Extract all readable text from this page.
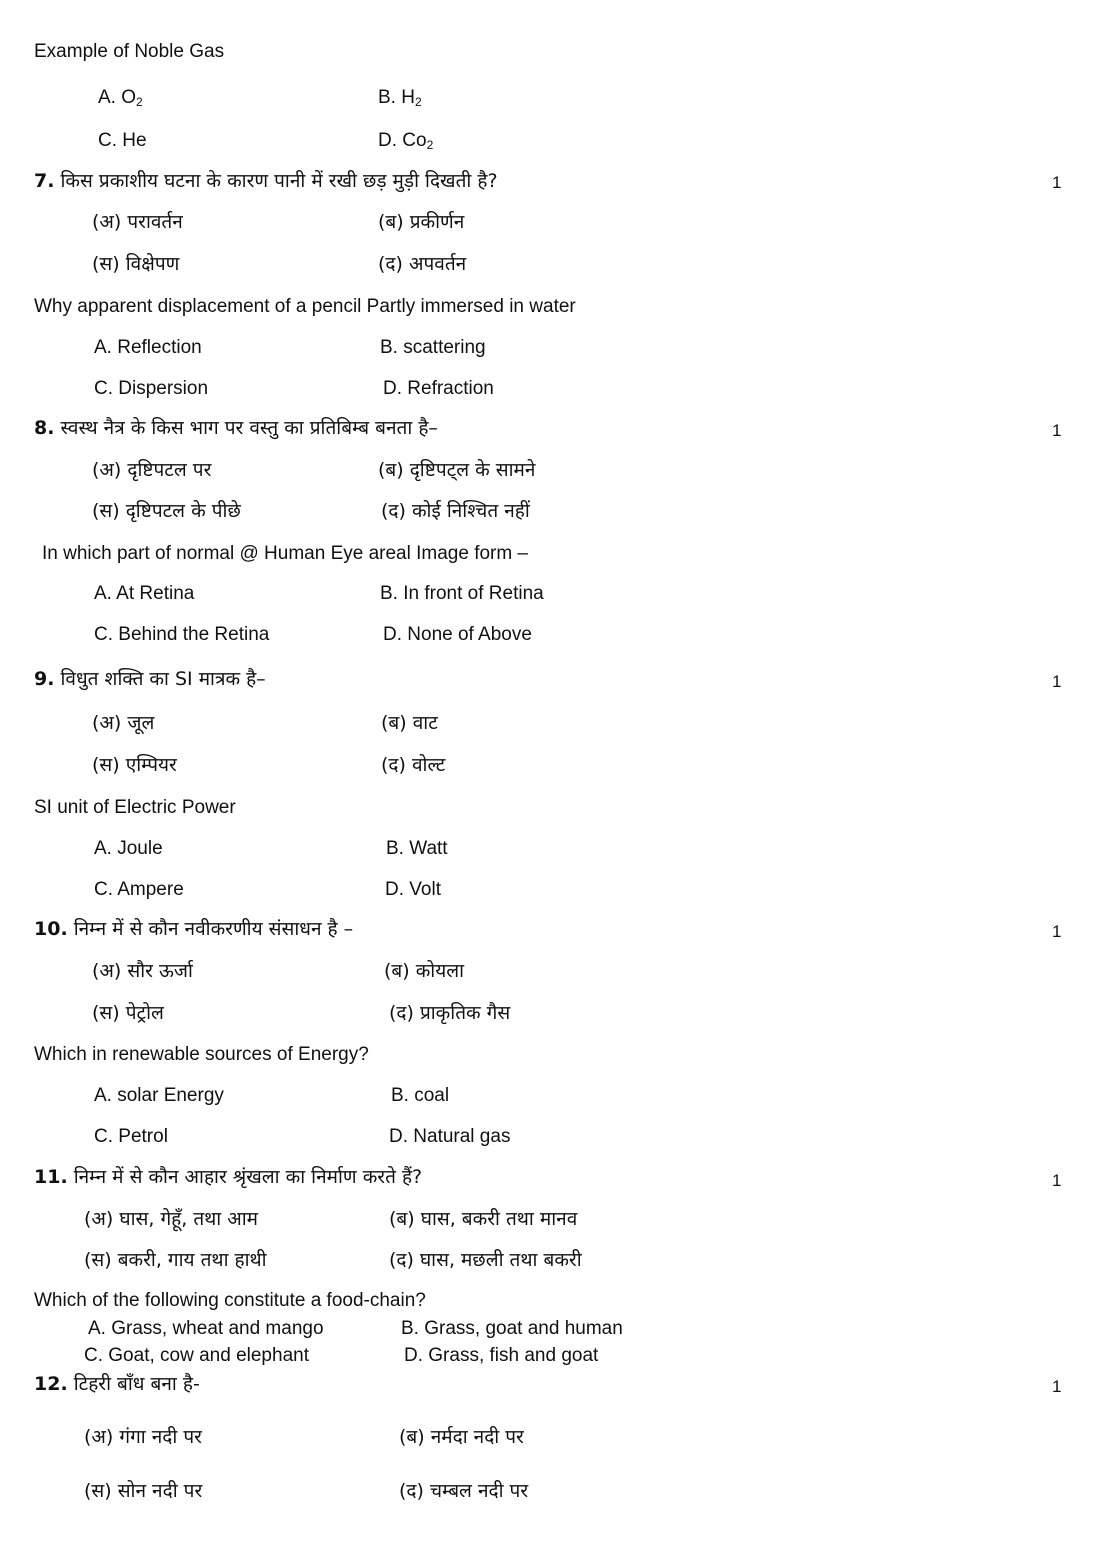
Example of Noble Gas
A. $O_2$	B. $H_2$
C. He	D. $Co_2$
7. किस प्रकाशीय घटना के कारण पानी में रखी छड़ मुड़ी दिखती है?	1
(अ) परावर्तन	(ब) प्रकीर्णन
(स) विक्षेपण	(द) अपवर्तन
Why apparent displacement of a pencil Partly immersed in water
A. Reflection	B. scattering
C. Dispersion	D. Refraction
8. स्वस्थ नैत्र के किस भाग पर वस्तु का प्रतिबिम्ब बनता है–	1
(अ) दृष्टिपटल पर	(ब) दृष्टिपट्ल के सामने
(स) दृष्टिपटल के पीछे	(द) कोई निश्चित नहीं
In which part of normal @ Human Eye areal Image form –
A. At Retina	B. In front of Retina
C. Behind the Retina	D. None of Above
9. विधुत शक्ति का SI मात्रक है–	1
(अ) जूल	(ब) वाट
(स) एम्पियर	(द) वोल्ट
SI unit of Electric Power
A. Joule	B. Watt
C. Ampere	D. Volt
10. निम्न में से कौन नवीकरणीय संसाधन है –	1
(अ) सौर ऊर्जा	(ब) कोयला
(स) पेट्रोल	(द) प्राकृतिक गैस
Which in renewable sources of Energy?
A. solar Energy	B. coal
C. Petrol	D. Natural gas
11. निम्न में से कौन आहार श्रृंखला का निर्माण करते हैं?	1
(अ) घास, गेहूँ, तथा आम	(ब) घास, बकरी तथा मानव
(स) बकरी, गाय तथा हाथी	(द) घास, मछली तथा बकरी
Which of the following constitute a food-chain?
A. Grass, wheat and mango	B. Grass, goat and human
C. Goat, cow and elephant	D. Grass, fish and goat
12. टिहरी बाँध बना है-	1
(अ) गंगा नदी पर	(ब) नर्मदा नदी पर
(स) सोन नदी पर	(द) चम्बल नदी पर
